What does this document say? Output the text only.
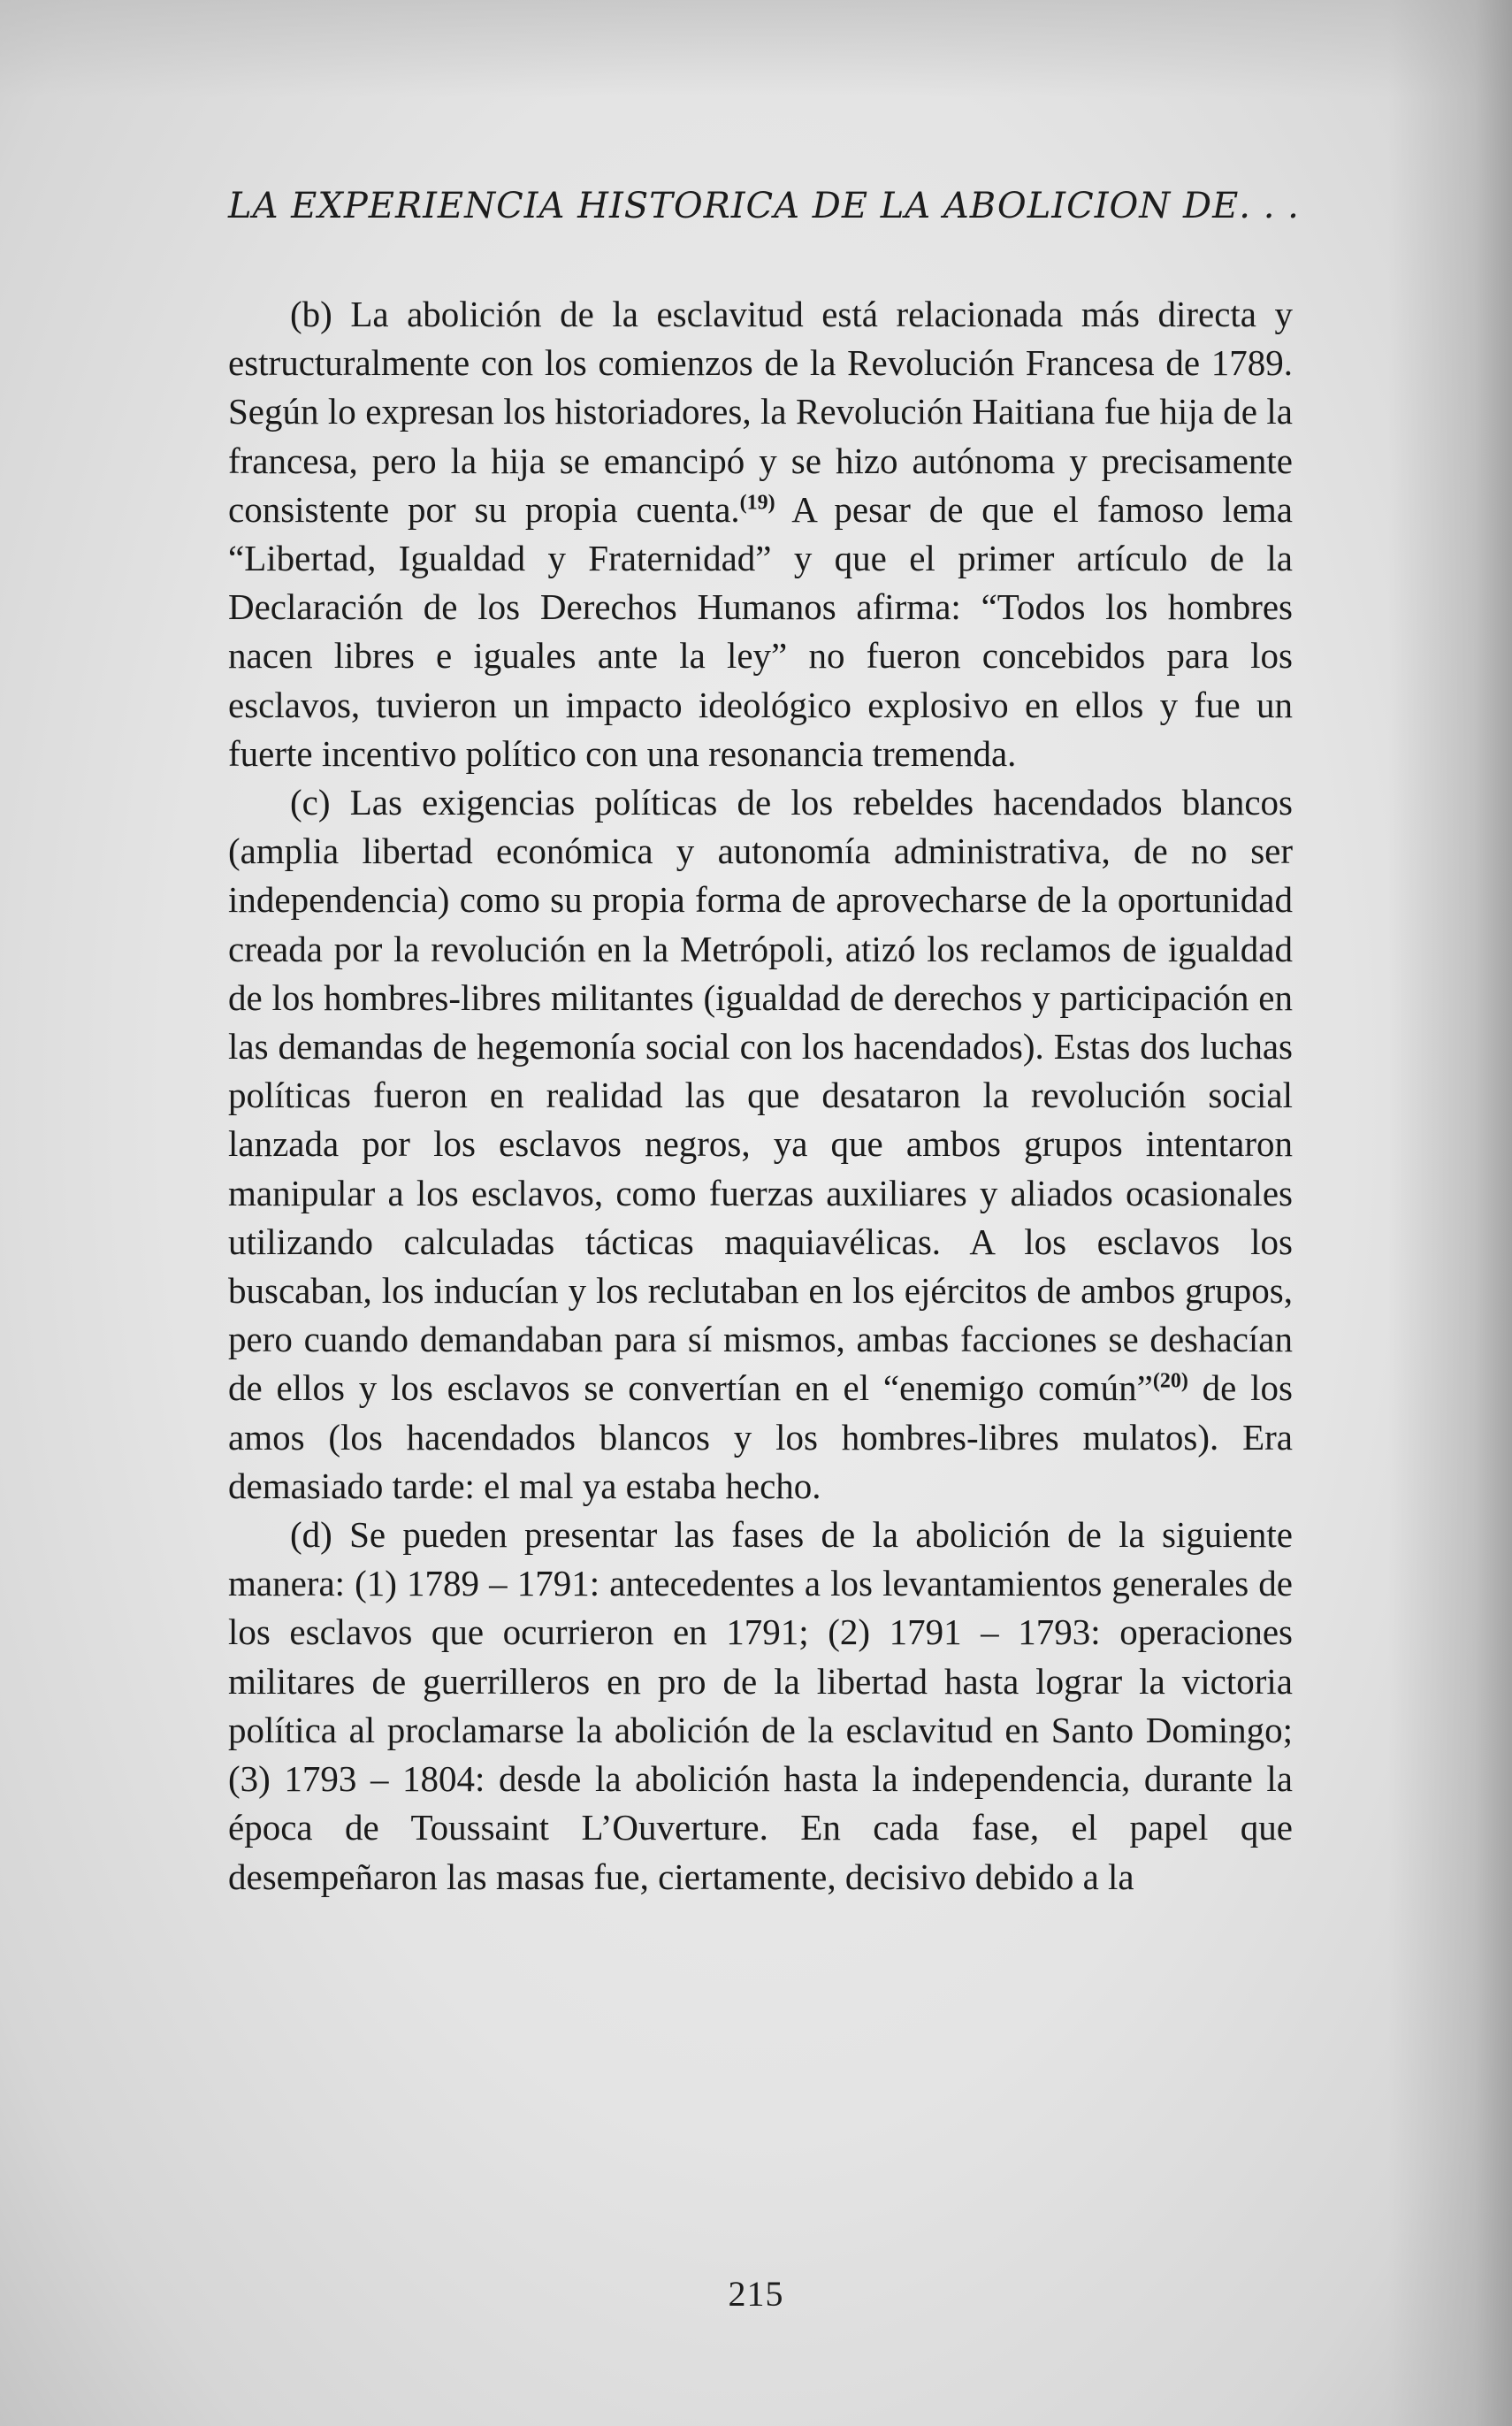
LA EXPERIENCIA HISTORICA DE LA ABOLICION DE. . .

(b) La abolición de la esclavitud está relacionada más directa y estructuralmente con los comienzos de la Revolución Francesa de 1789. Según lo expresan los historiadores, la Revolución Haitiana fue hija de la francesa, pero la hija se emancipó y se hizo autónoma y precisamente consistente por su propia cuenta.$^{(19)}$ A pesar de que el famoso lema “Libertad, Igualdad y Fraternidad” y que el primer artículo de la Declaración de los Derechos Humanos afirma: “Todos los hombres nacen libres e iguales ante la ley” no fueron concebidos para los esclavos, tuvieron un impacto ideológico explosivo en ellos y fue un fuerte incentivo político con una resonancia tremenda.

(c) Las exigencias políticas de los rebeldes hacendados blancos (amplia libertad económica y autonomía administrativa, de no ser independencia) como su propia forma de aprovecharse de la oportunidad creada por la revolución en la Metrópoli, atizó los reclamos de igualdad de los hombres-libres militantes (igualdad de derechos y participación en las demandas de hegemonía social con los hacendados). Estas dos luchas políticas fueron en realidad las que desataron la revolución social lanzada por los esclavos negros, ya que ambos grupos intentaron manipular a los esclavos, como fuerzas auxiliares y aliados ocasionales utilizando calculadas tácticas maquiavélicas. A los esclavos los buscaban, los inducían y los reclutaban en los ejércitos de ambos grupos, pero cuando demandaban para sí mismos, ambas facciones se deshacían de ellos y los esclavos se convertían en el “enemigo común”$^{(20)}$ de los amos (los hacendados blancos y los hombres-libres mulatos). Era demasiado tarde: el mal ya estaba hecho.

(d) Se pueden presentar las fases de la abolición de la siguiente manera: (1) 1789 – 1791: antecedentes a los levantamientos generales de los esclavos que ocurrieron en 1791; (2) 1791 – 1793: operaciones militares de guerrilleros en pro de la libertad hasta lograr la victoria política al proclamarse la abolición de la esclavitud en Santo Domingo; (3) 1793 – 1804: desde la abolición hasta la independencia, durante la época de Toussaint L’Ouverture. En cada fase, el papel que desempeñaron las masas fue, ciertamente, decisivo debido a la

215
